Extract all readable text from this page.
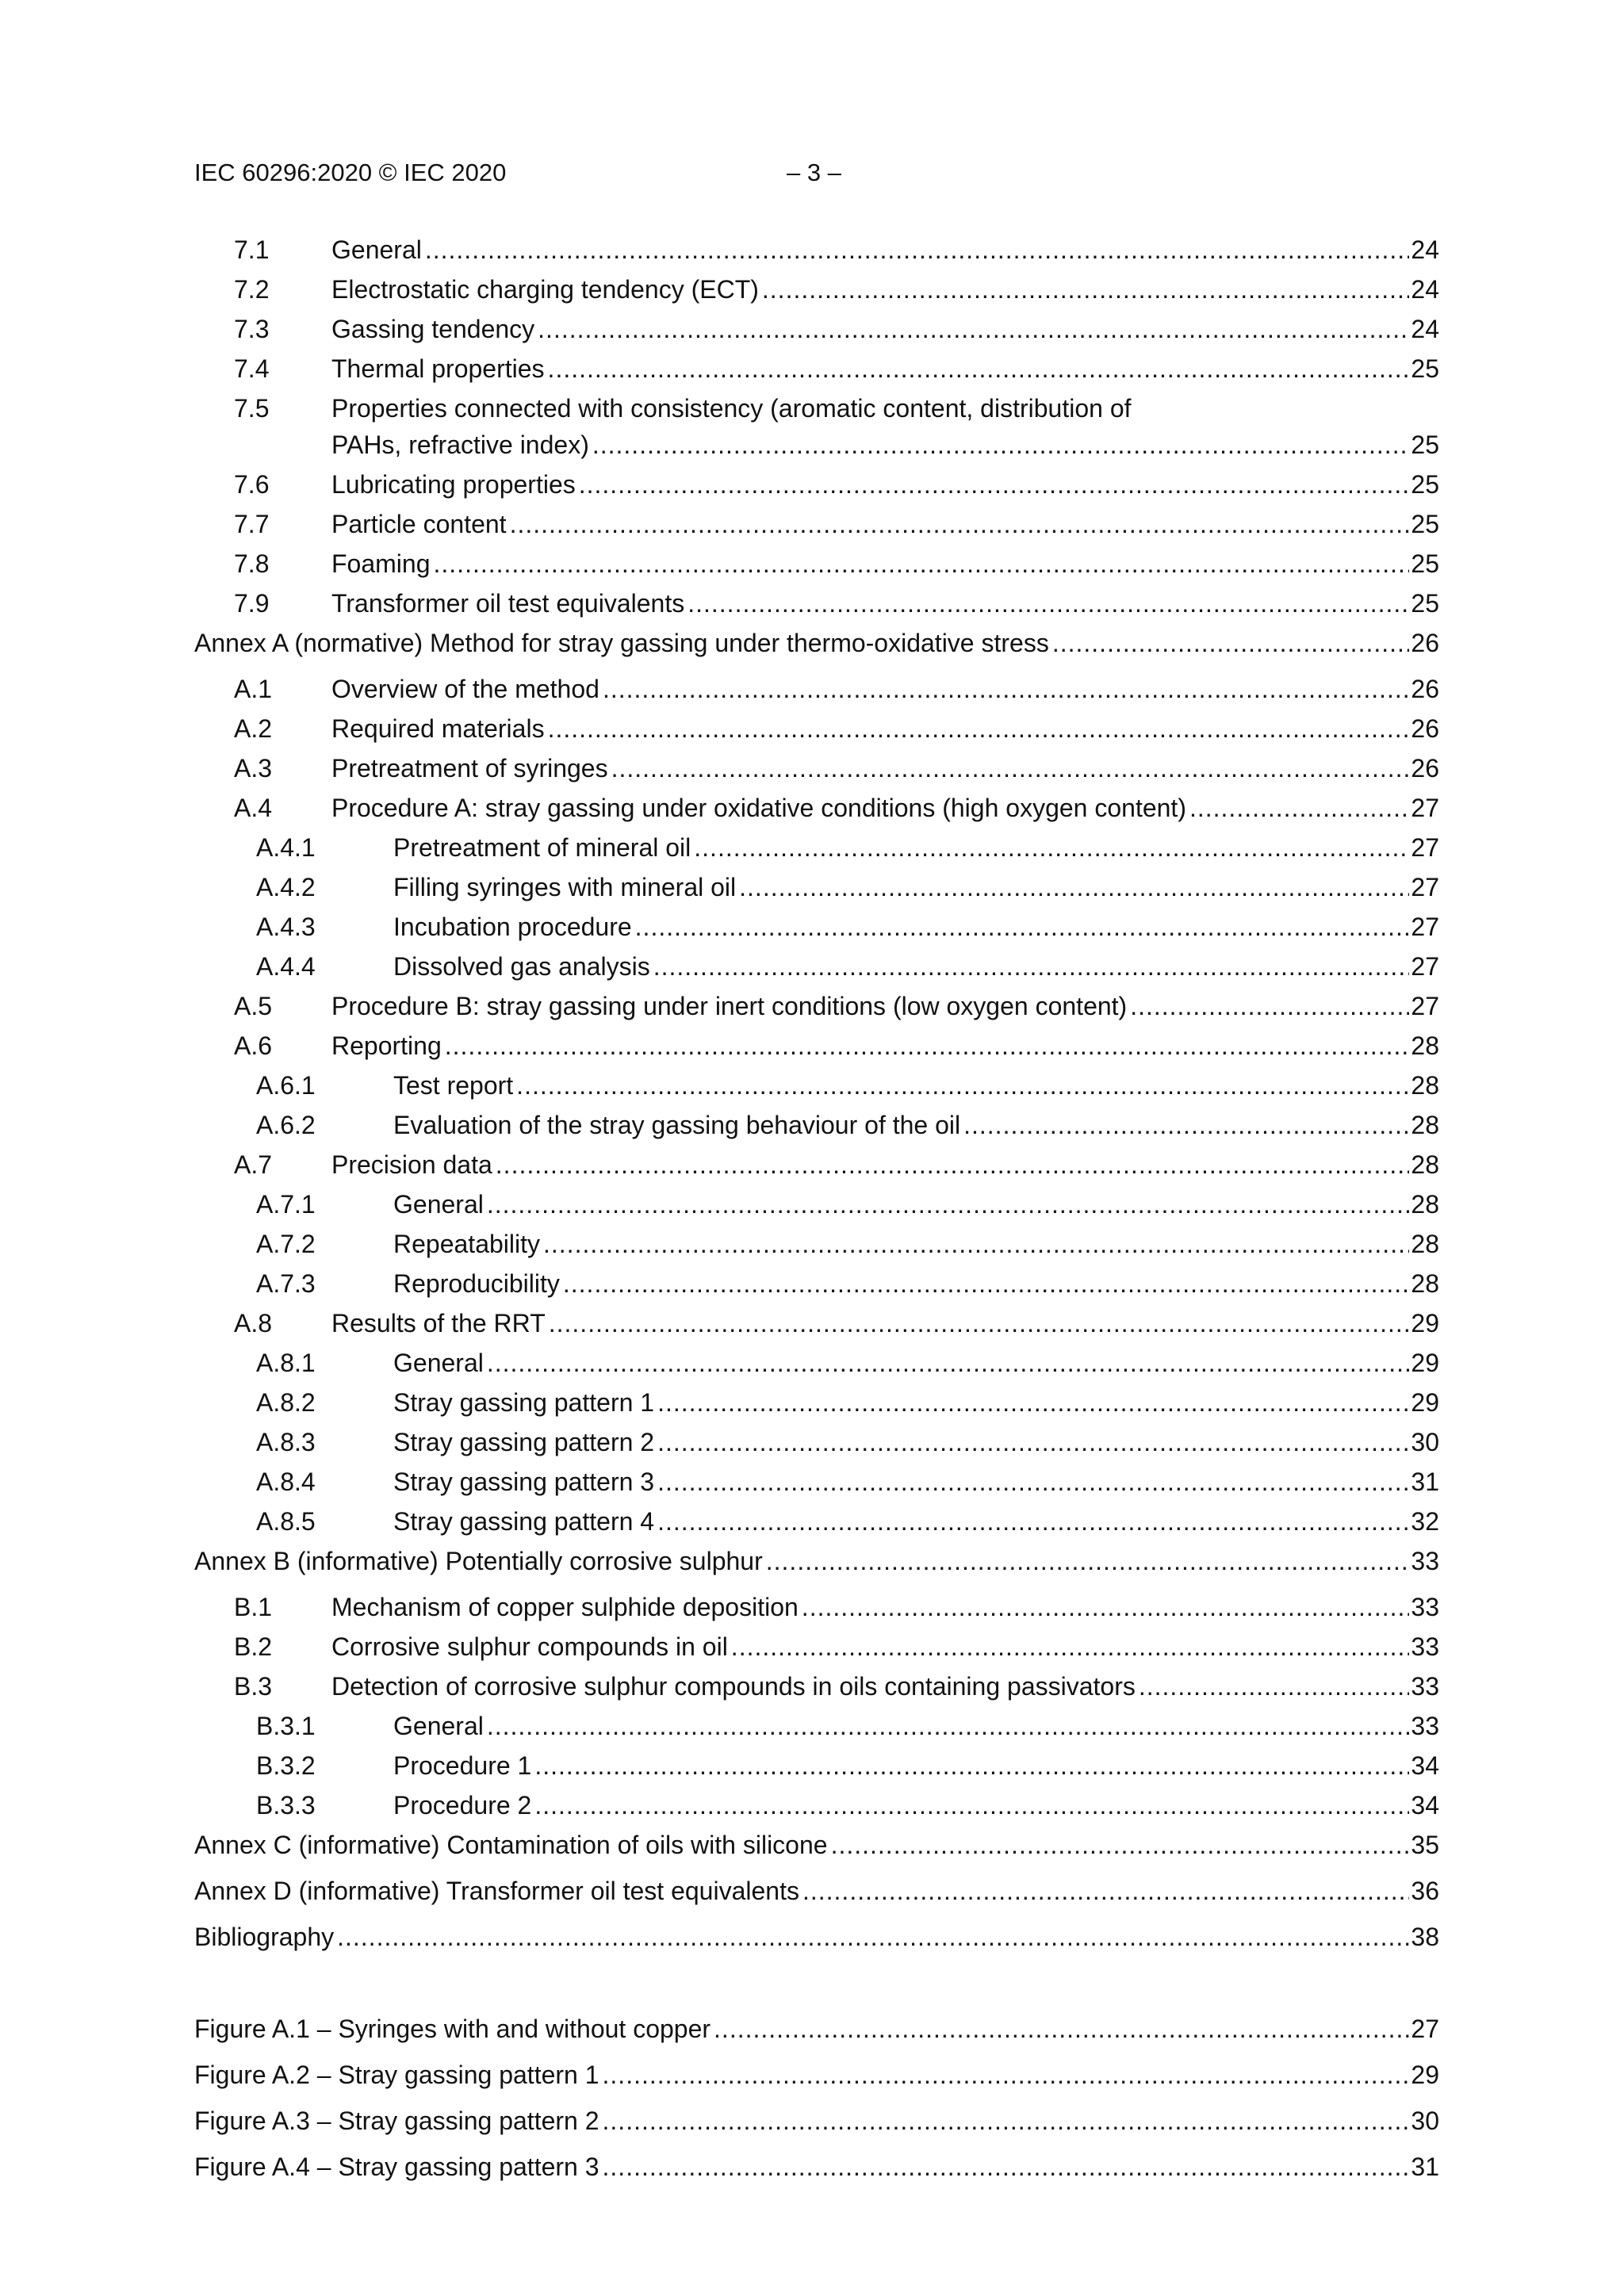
IEC 60296:2020 © IEC 2020	– 3 –
7.1 General .....	24
7.2 Electrostatic charging tendency (ECT) .....	24
7.3 Gassing tendency .....	24
7.4 Thermal properties .....	25
7.5 Properties connected with consistency (aromatic content, distribution of
PAHs, refractive index) .....	25
7.6 Lubricating properties .....	25
7.7 Particle content .....	25
7.8 Foaming .....	25
7.9 Transformer oil test equivalents .....	25
Annex A (normative) Method for stray gassing under thermo-oxidative stress .....	26
A.1 Overview of the method .....	26
A.2 Required materials .....	26
A.3 Pretreatment of syringes .....	26
A.4 Procedure A: stray gassing under oxidative conditions (high oxygen content) .....	27
A.4.1	Pretreatment of mineral oil .....	27
A.4.2	Filling syringes with mineral oil .....	27
A.4.3	Incubation procedure .....	27
A.4.4	Dissolved gas analysis .....	27
A.5 Procedure B: stray gassing under inert conditions (low oxygen content) .....	27
A.6 Reporting .....	28
A.6.1	Test report .....	28
A.6.2	Evaluation of the stray gassing behaviour of the oil .....	28
A.7 Precision data .....	28
A.7.1	General .....	28
A.7.2	Repeatability .....	28
A.7.3	Reproducibility .....	28
A.8 Results of the RRT .....	29
A.8.1	General .....	29
A.8.2	Stray gassing pattern 1 .....	29
A.8.3	Stray gassing pattern 2 .....	30
A.8.4	Stray gassing pattern 3 .....	31
A.8.5	Stray gassing pattern 4 .....	32
Annex B (informative) Potentially corrosive sulphur .....	33
B.1 Mechanism of copper sulphide deposition .....	33
B.2 Corrosive sulphur compounds in oil .....	33
B.3 Detection of corrosive sulphur compounds in oils containing passivators .....	33
B.3.1	General .....	33
B.3.2	Procedure 1 .....	34
B.3.3	Procedure 2 .....	34
Annex C (informative) Contamination of oils with silicone .....	35
Annex D (informative) Transformer oil test equivalents .....	36
Bibliography .....	38
Figure A.1 – Syringes with and without copper .....	27
Figure A.2 – Stray gassing pattern 1 .....	29
Figure A.3 – Stray gassing pattern 2 .....	30
Figure A.4 – Stray gassing pattern 3 .....	31
